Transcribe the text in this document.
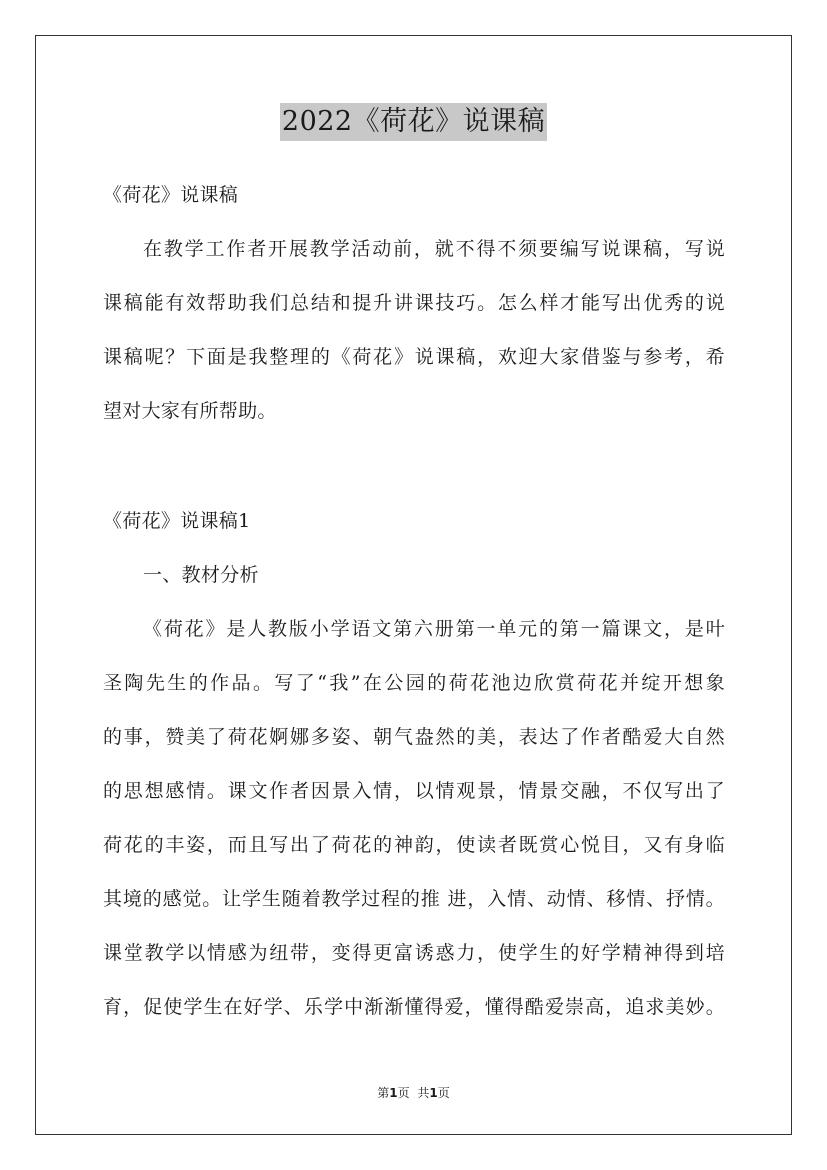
2022《荷花》说课稿
《荷花》说课稿
在教学工作者开展教学活动前，就不得不须要编写说课稿，写说
课稿能有效帮助我们总结和提升讲课技巧。怎么样才能写出优秀的说
课稿呢？下面是我整理的《荷花》说课稿，欢迎大家借鉴与参考，希
望对大家有所帮助。
《荷花》说课稿1
一、教材分析
《荷花》是人教版小学语文第六册第一单元的第一篇课文，是叶
圣陶先生的作品。写了“我”在公园的荷花池边欣赏荷花并绽开想象
的事，赞美了荷花婀娜多姿、朝气盎然的美，表达了作者酷爱大自然
的思想感情。课文作者因景入情，以情观景，情景交融，不仅写出了
荷花的丰姿，而且写出了荷花的神韵，使读者既赏心悦目，又有身临
其境的感觉。让学生随着教学过程的推 进，入情、动情、移情、抒情。
课堂教学以情感为纽带，变得更富诱惑力，使学生的好学精神得到培
育，促使学生在好学、乐学中渐渐懂得爱，懂得酷爱崇高，追求美妙。
第1页 共1页
